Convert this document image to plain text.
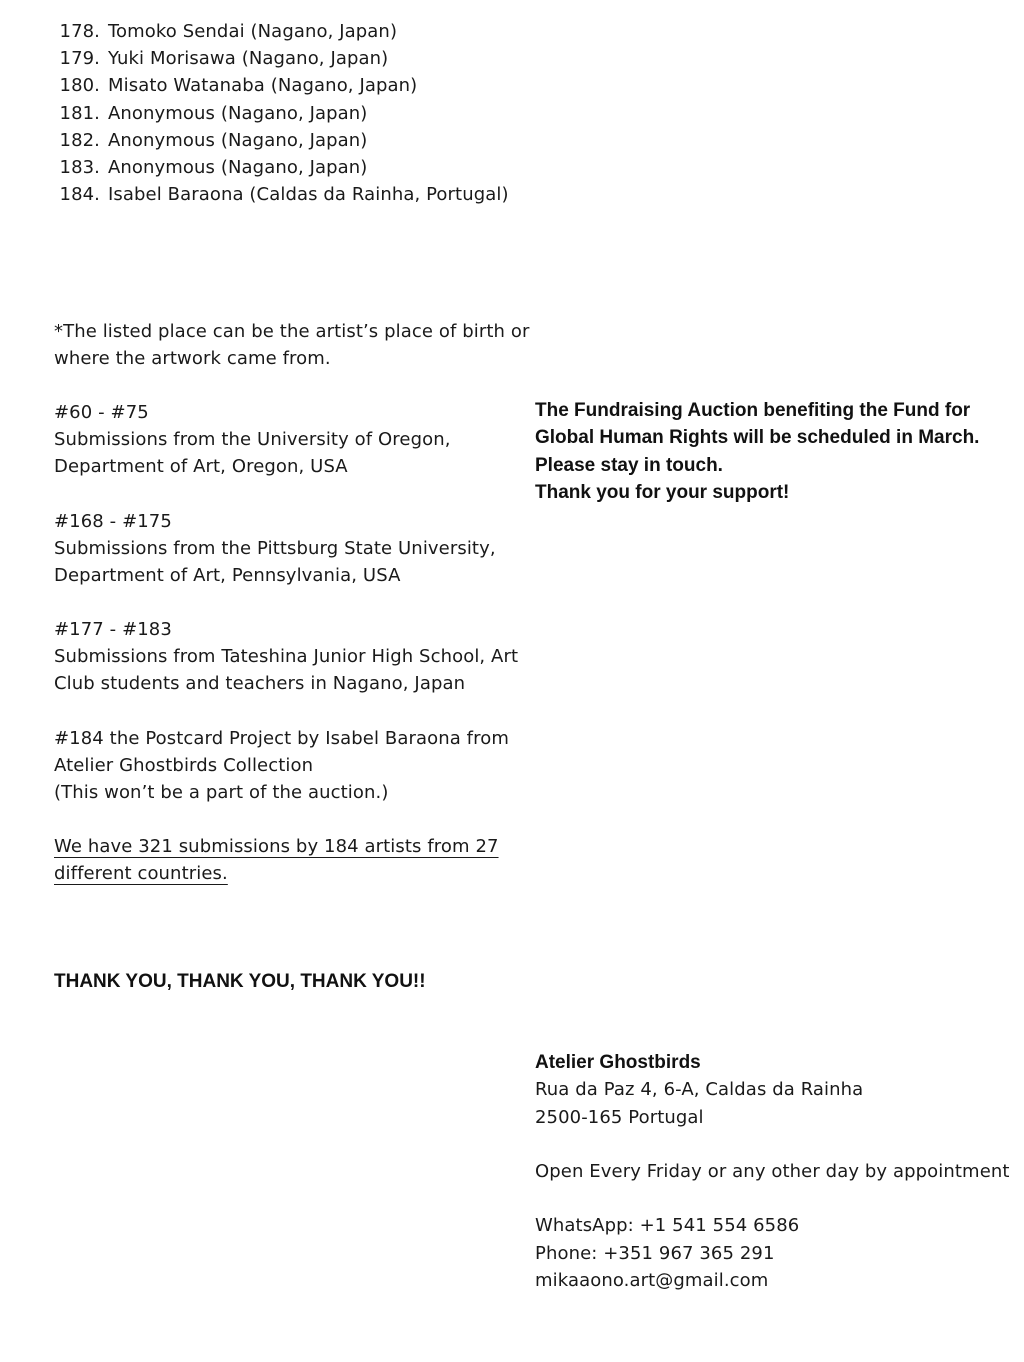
178. Tomoko Sendai (Nagano, Japan)
179. Yuki Morisawa (Nagano, Japan)
180. Misato Watanaba (Nagano, Japan)
181. Anonymous (Nagano, Japan)
182. Anonymous (Nagano, Japan)
183. Anonymous (Nagano, Japan)
184. Isabel Baraona (Caldas da Rainha, Portugal)
*The listed place can be the artist’s place of birth or
where the artwork came from.
#60 - #75
Submissions from the University of Oregon,
Department of Art, Oregon, USA
#168 - #175
Submissions from the Pittsburg State University,
Department of Art, Pennsylvania, USA
#177 - #183
Submissions from Tateshina Junior High School, Art
Club students and teachers in Nagano, Japan
#184 the Postcard Project by Isabel Baraona from
Atelier Ghostbirds Collection
(This won’t be a part of the auction.)
We have 321 submissions by 184 artists from 27
different countries.
The Fundraising Auction benefiting the Fund for
Global Human Rights will be scheduled in March.
Please stay in touch.
Thank you for your support!
THANK YOU, THANK YOU, THANK YOU!!
Atelier Ghostbirds
Rua da Paz 4, 6-A, Caldas da Rainha
2500-165 Portugal
Open Every Friday or any other day by appointment
WhatsApp: +1 541 554 6586
Phone: +351 967 365 291
mikaaono.art@gmail.com
